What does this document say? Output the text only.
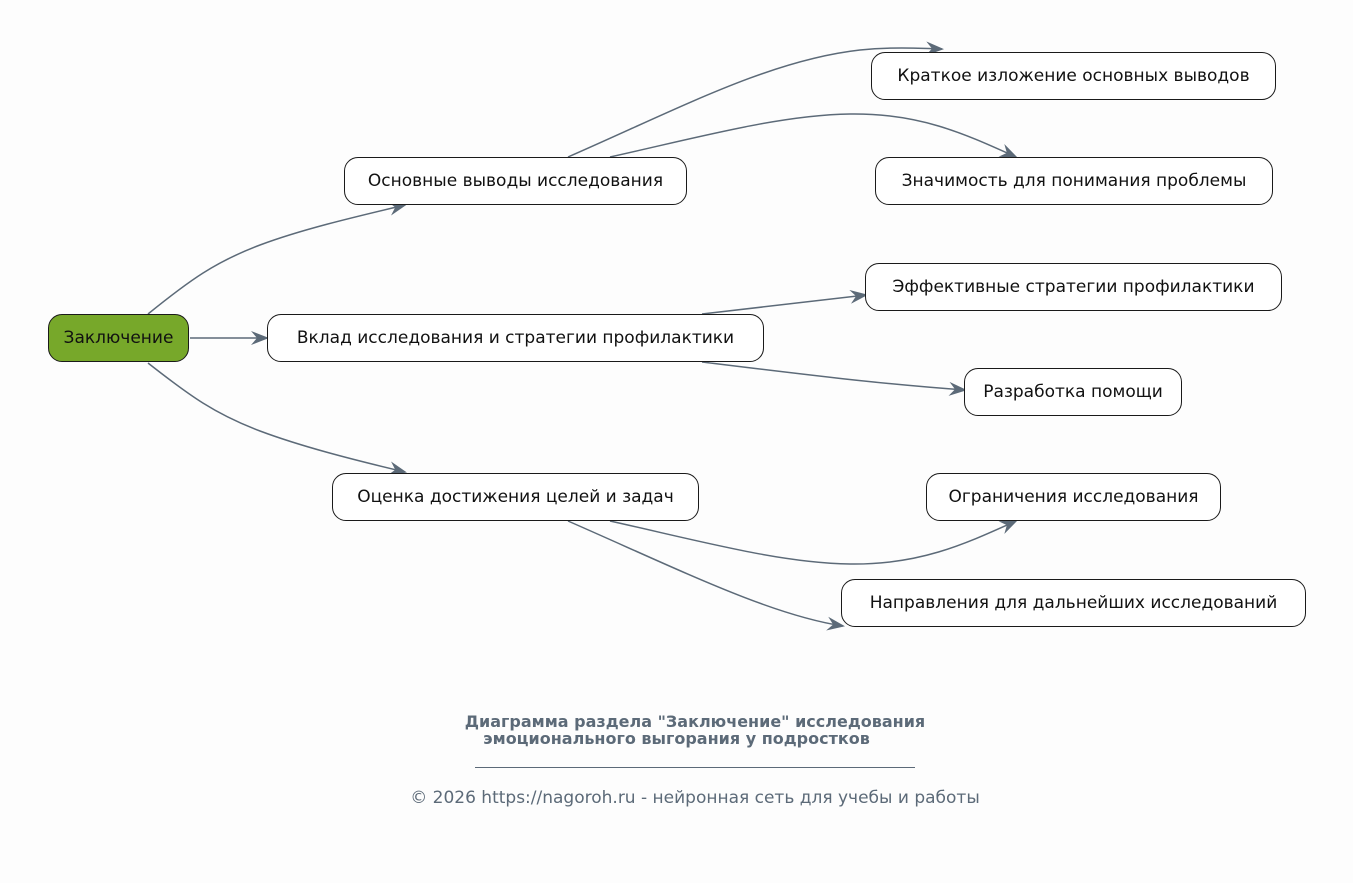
Заключение
Основные выводы исследования
Вклад исследования и стратегии профилактики
Оценка достижения целей и задач
Краткое изложение основных выводов
Значимость для понимания проблемы
Эффективные стратегии профилактики
Разработка помощи
Ограничения исследования
Направления для дальнейших исследований
Диаграмма раздела "Заключение" исследования
эмоционального выгорания у подростков
© 2026 https://nagoroh.ru - нейронная сеть для учебы и работы
